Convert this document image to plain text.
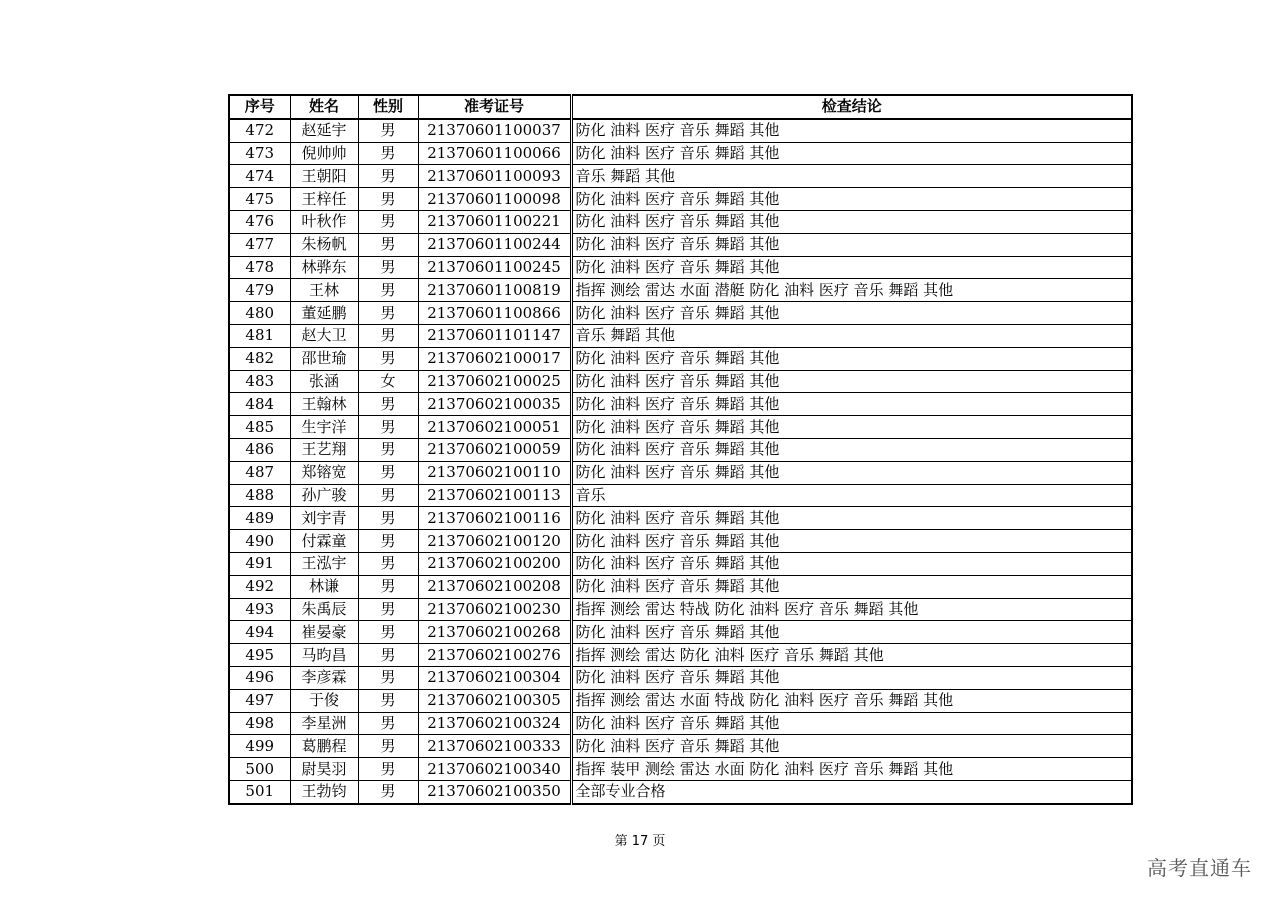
序号	姓名	性别	准考证号	检查结论
472	赵延宇	男	21370601100037	防化 油料 医疗 音乐 舞蹈 其他
473	倪帅帅	男	21370601100066	防化 油料 医疗 音乐 舞蹈 其他
474	王朝阳	男	21370601100093	音乐 舞蹈 其他
475	王梓任	男	21370601100098	防化 油料 医疗 音乐 舞蹈 其他
476	叶秋作	男	21370601100221	防化 油料 医疗 音乐 舞蹈 其他
477	朱杨帆	男	21370601100244	防化 油料 医疗 音乐 舞蹈 其他
478	林骅东	男	21370601100245	防化 油料 医疗 音乐 舞蹈 其他
479	王林	男	21370601100819	指挥 测绘 雷达 水面 潜艇 防化 油料 医疗 音乐 舞蹈 其他
480	董延鹏	男	21370601100866	防化 油料 医疗 音乐 舞蹈 其他
481	赵大卫	男	21370601101147	音乐 舞蹈 其他
482	邵世瑜	男	21370602100017	防化 油料 医疗 音乐 舞蹈 其他
483	张涵	女	21370602100025	防化 油料 医疗 音乐 舞蹈 其他
484	王翰林	男	21370602100035	防化 油料 医疗 音乐 舞蹈 其他
485	生宇洋	男	21370602100051	防化 油料 医疗 音乐 舞蹈 其他
486	王艺翔	男	21370602100059	防化 油料 医疗 音乐 舞蹈 其他
487	郑镕宽	男	21370602100110	防化 油料 医疗 音乐 舞蹈 其他
488	孙广骏	男	21370602100113	音乐
489	刘宇青	男	21370602100116	防化 油料 医疗 音乐 舞蹈 其他
490	付霖童	男	21370602100120	防化 油料 医疗 音乐 舞蹈 其他
491	王泓宇	男	21370602100200	防化 油料 医疗 音乐 舞蹈 其他
492	林谦	男	21370602100208	防化 油料 医疗 音乐 舞蹈 其他
493	朱禹辰	男	21370602100230	指挥 测绘 雷达 特战 防化 油料 医疗 音乐 舞蹈 其他
494	崔晏豪	男	21370602100268	防化 油料 医疗 音乐 舞蹈 其他
495	马昀昌	男	21370602100276	指挥 测绘 雷达 防化 油料 医疗 音乐 舞蹈 其他
496	李彦霖	男	21370602100304	防化 油料 医疗 音乐 舞蹈 其他
497	于俊	男	21370602100305	指挥 测绘 雷达 水面 特战 防化 油料 医疗 音乐 舞蹈 其他
498	李星洲	男	21370602100324	防化 油料 医疗 音乐 舞蹈 其他
499	葛鹏程	男	21370602100333	防化 油料 医疗 音乐 舞蹈 其他
500	尉昊羽	男	21370602100340	指挥 装甲 测绘 雷达 水面 防化 油料 医疗 音乐 舞蹈 其他
501	王勃钧	男	21370602100350	全部专业合格
第 17 页
高考直通车
